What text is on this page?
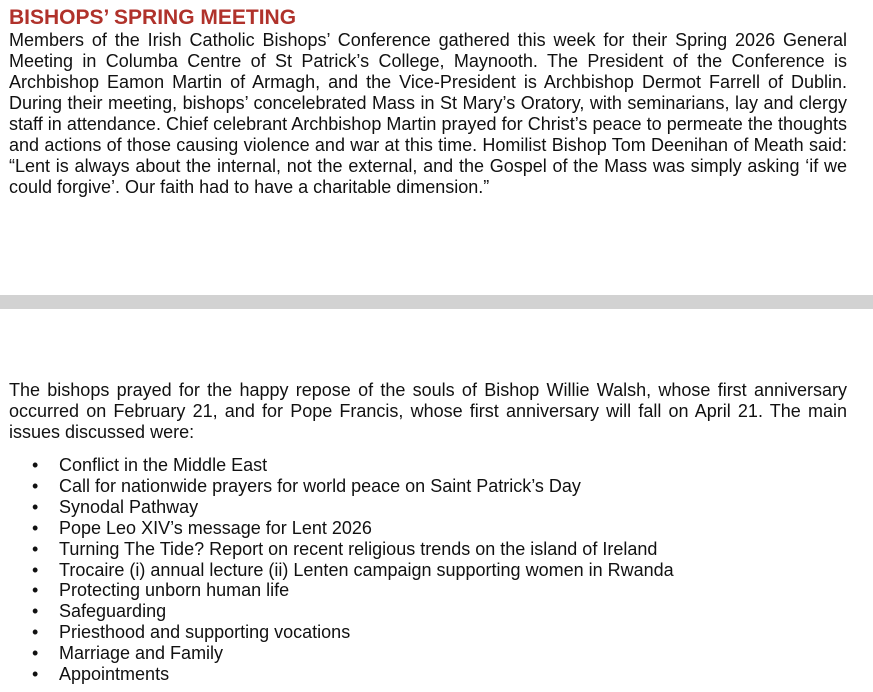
BISHOPS’ SPRING MEETING

Members of the Irish Catholic Bishops’ Conference gathered this week for their Spring 2026 General Meeting in Columba Centre of St Patrick’s College, Maynooth. The President of the Conference is Archbishop Eamon Martin of Armagh, and the Vice-President is Archbishop Dermot Farrell of Dublin. During their meeting, bishops’ concelebrated Mass in St Mary’s Oratory, with seminarians, lay and clergy staff in attendance. Chief celebrant Archbishop Martin prayed for Christ’s peace to permeate the thoughts and actions of those causing violence and war at this time. Homilist Bishop Tom Deenihan of Meath said: “Lent is always about the internal, not the external, and the Gospel of the Mass was simply asking ‘if we could forgive’. Our faith had to have a charitable dimension.”

The bishops prayed for the happy repose of the souls of Bishop Willie Walsh, whose first anniversary occurred on February 21, and for Pope Francis, whose first anniversary will fall on April 21. The main issues discussed were:

• Conflict in the Middle East
• Call for nationwide prayers for world peace on Saint Patrick’s Day
• Synodal Pathway
• Pope Leo XIV’s message for Lent 2026
• Turning The Tide? Report on recent religious trends on the island of Ireland
• Trocaire (i) annual lecture (ii) Lenten campaign supporting women in Rwanda
• Protecting unborn human life
• Safeguarding
• Priesthood and supporting vocations
• Marriage and Family
• Appointments
